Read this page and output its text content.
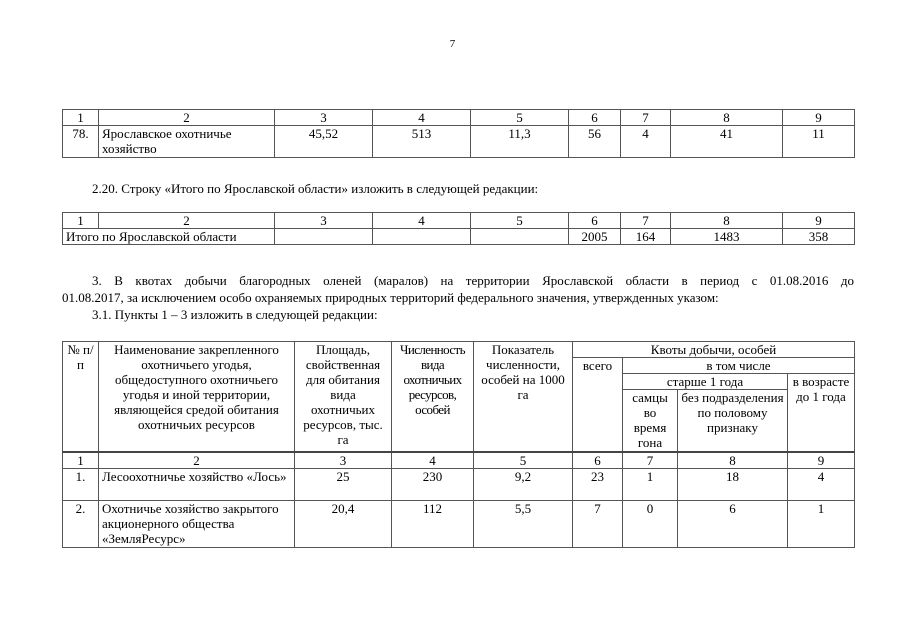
7
1	2	3	4	5	6	7	8	9
78.	Ярославское охотничье хозяйство	45,52	513	11,3	56	4	41	11
2.20. Строку «Итого по Ярославской области» изложить в следующей редакции:
1	2	3	4	5	6	7	8	9
Итого по Ярославской области					2005	164	1483	358
3. В квотах добычи благородных оленей (маралов) на территории Ярославской области в период с 01.08.2016 до
01.08.2017, за исключением особо охраняемых природных территорий федерального значения, утвержденных указом:
3.1. Пункты 1 – 3 изложить в следующей редакции:
№ п/п	Наименование закрепленного охотничьего угодья, общедоступного охотничьего угодья и иной территории, являющейся средой обитания охотничьих ресурсов	Площадь, свойственная для обитания вида охотничьих ресурсов, тыс. га	Численность вида охотничьих ресурсов, особей	Показатель численности, особей на 1000 га	Квоты добычи, особей			
					всего	в том числе		
						старше 1 года		в возрасте до 1 года
						самцы во время гона	без подразделения по половому признаку	
1	2	3	4	5	6	7	8	9
1.	Лесоохотничье хозяйство «Лось»	25	230	9,2	23	1	18	4
2.	Охотничье хозяйство закрытого акционерного общества «ЗемляРесурс»	20,4	112	5,5	7	0	6	1
